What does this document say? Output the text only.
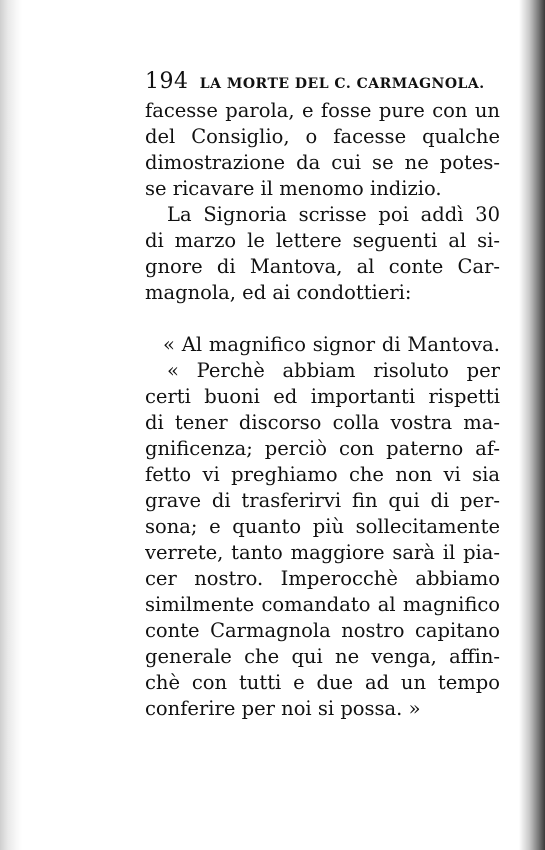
194 LA MORTE DEL C. CARMAGNOLA.
facesse parola, e fosse pure con un
del Consiglio, o facesse qualche
dimostrazione da cui se ne potes-
se ricavare il menomo indizio.
La Signoria scrisse poi addì 30
di marzo le lettere seguenti al si-
gnore di Mantova, al conte Car-
magnola, ed ai condottieri:
« Al magnifico signor di Mantova.
« Perchè abbiam risoluto per
certi buoni ed importanti rispetti
di tener discorso colla vostra ma-
gnificenza; perciò con paterno af-
fetto vi preghiamo che non vi sia
grave di trasferirvi fin qui di per-
sona; e quanto più sollecitamente
verrete, tanto maggiore sarà il pia-
cer nostro. Imperocchè abbiamo
similmente comandato al magnifico
conte Carmagnola nostro capitano
generale che qui ne venga, affin-
chè con tutti e due ad un tempo
conferire per noi si possa. »
